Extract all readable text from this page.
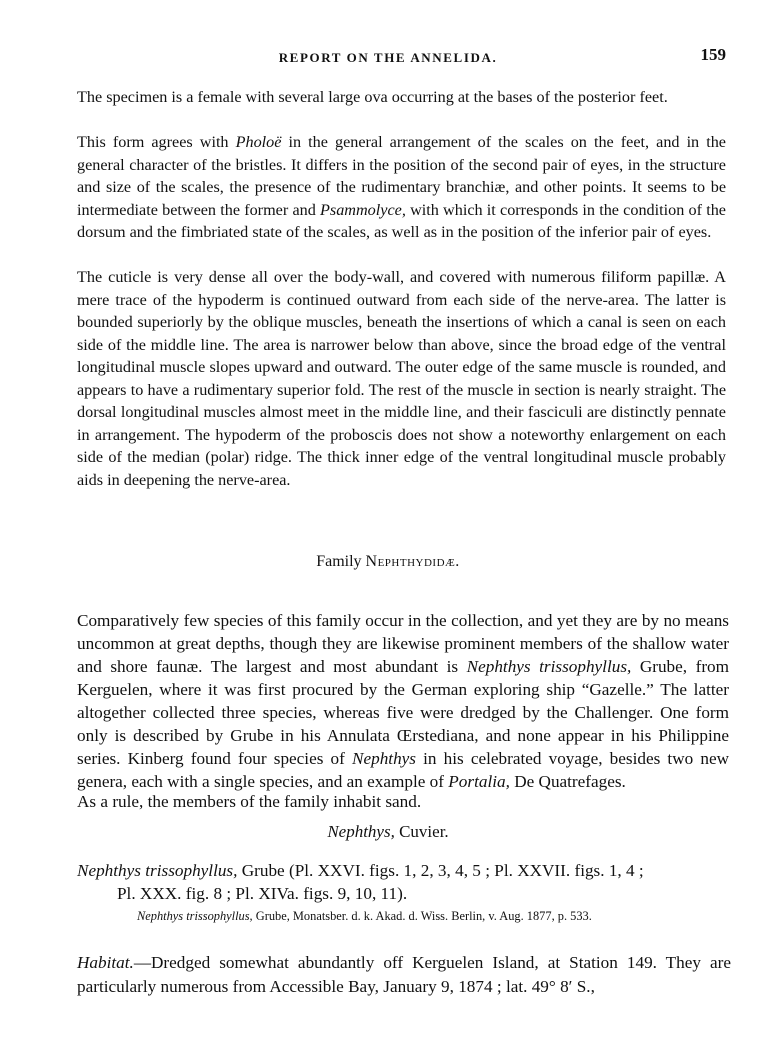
REPORT ON THE ANNELIDA.	159

The specimen is a female with several large ova occurring at the bases of the posterior feet.

This form agrees with Pholoë in the general arrangement of the scales on the feet, and in the general character of the bristles. It differs in the position of the second pair of eyes, in the structure and size of the scales, the presence of the rudimentary branchiæ, and other points. It seems to be intermediate between the former and Psammolyce, with which it corresponds in the condition of the dorsum and the fimbriated state of the scales, as well as in the position of the inferior pair of eyes.

The cuticle is very dense all over the body-wall, and covered with numerous filiform papillæ. A mere trace of the hypoderm is continued outward from each side of the nerve-area. The latter is bounded superiorly by the oblique muscles, beneath the insertions of which a canal is seen on each side of the middle line. The area is narrower below than above, since the broad edge of the ventral longitudinal muscle slopes upward and outward. The outer edge of the same muscle is rounded, and appears to have a rudimentary superior fold. The rest of the muscle in section is nearly straight. The dorsal longitudinal muscles almost meet in the middle line, and their fasciculi are distinctly pennate in arrangement. The hypoderm of the proboscis does not show a noteworthy enlargement on each side of the median (polar) ridge. The thick inner edge of the ventral longitudinal muscle probably aids in deepening the nerve-area.

Family Nephthydidæ.

Comparatively few species of this family occur in the collection, and yet they are by no means uncommon at great depths, though they are likewise prominent members of the shallow water and shore faunæ. The largest and most abundant is Nephthys trissophyllus, Grube, from Kerguelen, where it was first procured by the German exploring ship “Gazelle.” The latter altogether collected three species, whereas five were dredged by the Challenger. One form only is described by Grube in his Annulata Œrstediana, and none appear in his Philippine series. Kinberg found four species of Nephthys in his celebrated voyage, besides two new genera, each with a single species, and an example of Portalia, De Quatrefages.

As a rule, the members of the family inhabit sand.

Nephthys, Cuvier.
Nephthys trissophyllus, Grube (Pl. XXVI. figs. 1, 2, 3, 4, 5 ; Pl. XXVII. figs. 1, 4 ;
Pl. XXX. fig. 8 ; Pl. XIVa. figs. 9, 10, 11).
Nephthys trissophyllus, Grube, Monatsber. d. k. Akad. d. Wiss. Berlin, v. Aug. 1877, p. 533.

Habitat.—Dredged somewhat abundantly off Kerguelen Island, at Station 149. They are particularly numerous from Accessible Bay, January 9, 1874 ; lat. 49° 8′ S.,
